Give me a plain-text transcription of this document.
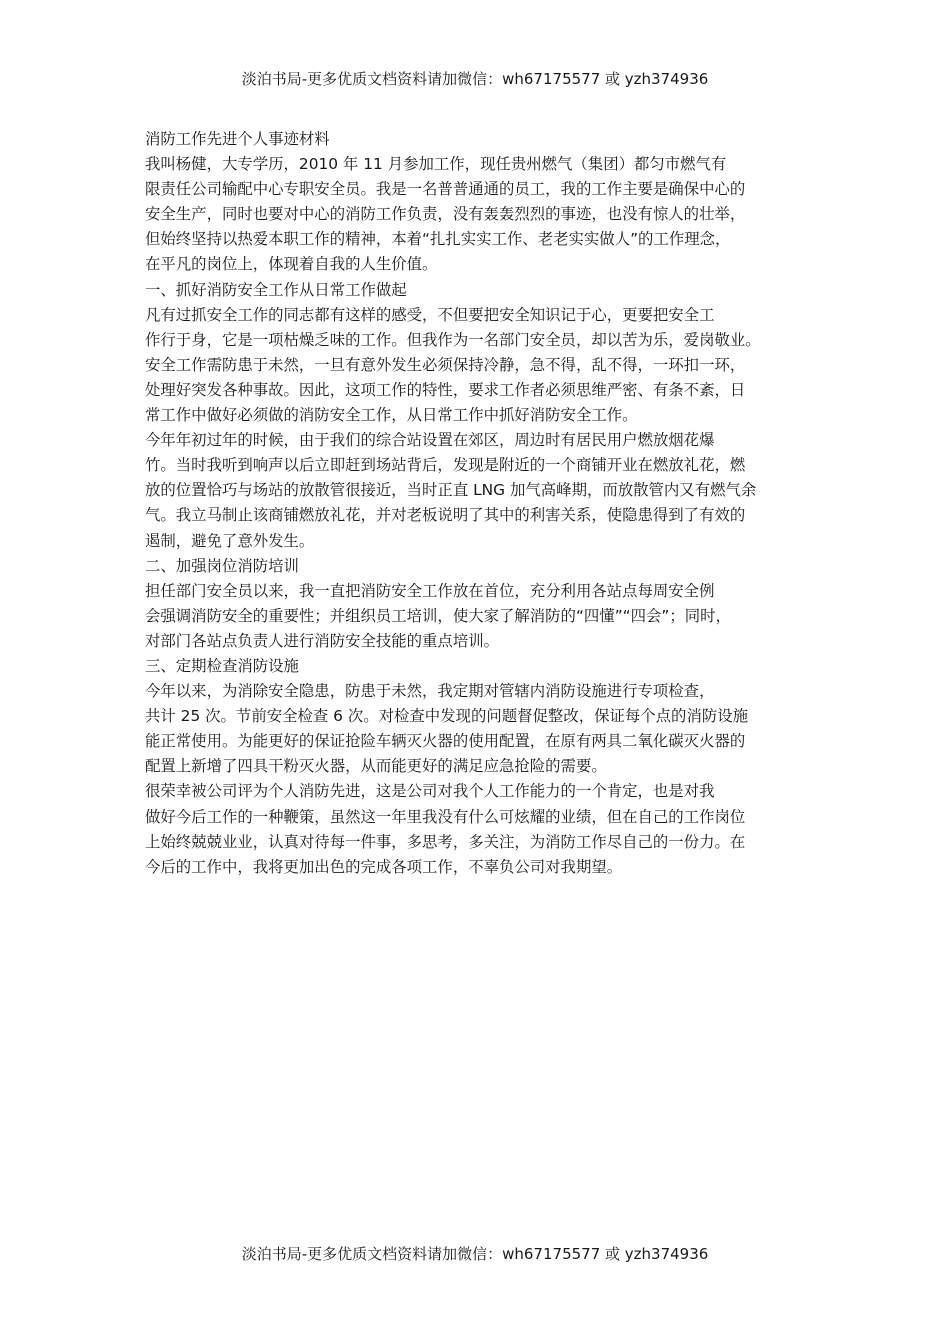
淡泊书局-更多优质文档资料请加微信：wh67175577 或 yzh374936
消防工作先进个人事迹材料
我叫杨健，大专学历，2010 年 11 月参加工作，现任贵州燃气（集团）都匀市燃气有
限责任公司输配中心专职安全员。我是一名普普通通的员工，我的工作主要是确保中心的
安全生产，同时也要对中心的消防工作负责，没有轰轰烈烈的事迹，也没有惊人的壮举，
但始终坚持以热爱本职工作的精神，本着“扎扎实实工作、老老实实做人”的工作理念，
在平凡的岗位上，体现着自我的人生价值。
一、抓好消防安全工作从日常工作做起
凡有过抓安全工作的同志都有这样的感受，不但要把安全知识记于心，更要把安全工
作行于身，它是一项枯燥乏味的工作。但我作为一名部门安全员，却以苦为乐，爱岗敬业。
安全工作需防患于未然，一旦有意外发生必须保持冷静，急不得，乱不得，一环扣一环，
处理好突发各种事故。因此，这项工作的特性，要求工作者必须思维严密、有条不紊，日
常工作中做好必须做的消防安全工作，从日常工作中抓好消防安全工作。
今年年初过年的时候，由于我们的综合站设置在郊区，周边时有居民用户燃放烟花爆
竹。当时我听到响声以后立即赶到场站背后，发现是附近的一个商铺开业在燃放礼花，燃
放的位置恰巧与场站的放散管很接近，当时正直 LNG 加气高峰期，而放散管内又有燃气余
气。我立马制止该商铺燃放礼花，并对老板说明了其中的利害关系，使隐患得到了有效的
遏制，避免了意外发生。
二、加强岗位消防培训
担任部门安全员以来，我一直把消防安全工作放在首位，充分利用各站点每周安全例
会强调消防安全的重要性；并组织员工培训，使大家了解消防的“四懂”“四会”；同时，
对部门各站点负责人进行消防安全技能的重点培训。
三、定期检查消防设施
今年以来，为消除安全隐患，防患于未然，我定期对管辖内消防设施进行专项检查，
共计 25 次。节前安全检查 6 次。对检查中发现的问题督促整改，保证每个点的消防设施
能正常使用。为能更好的保证抢险车辆灭火器的使用配置，在原有两具二氧化碳灭火器的
配置上新增了四具干粉灭火器，从而能更好的满足应急抢险的需要。
很荣幸被公司评为个人消防先进，这是公司对我个人工作能力的一个肯定，也是对我
做好今后工作的一种鞭策，虽然这一年里我没有什么可炫耀的业绩，但在自己的工作岗位
上始终兢兢业业，认真对待每一件事，多思考，多关注，为消防工作尽自己的一份力。在
今后的工作中，我将更加出色的完成各项工作，不辜负公司对我期望。
淡泊书局-更多优质文档资料请加微信：wh67175577 或 yzh374936
